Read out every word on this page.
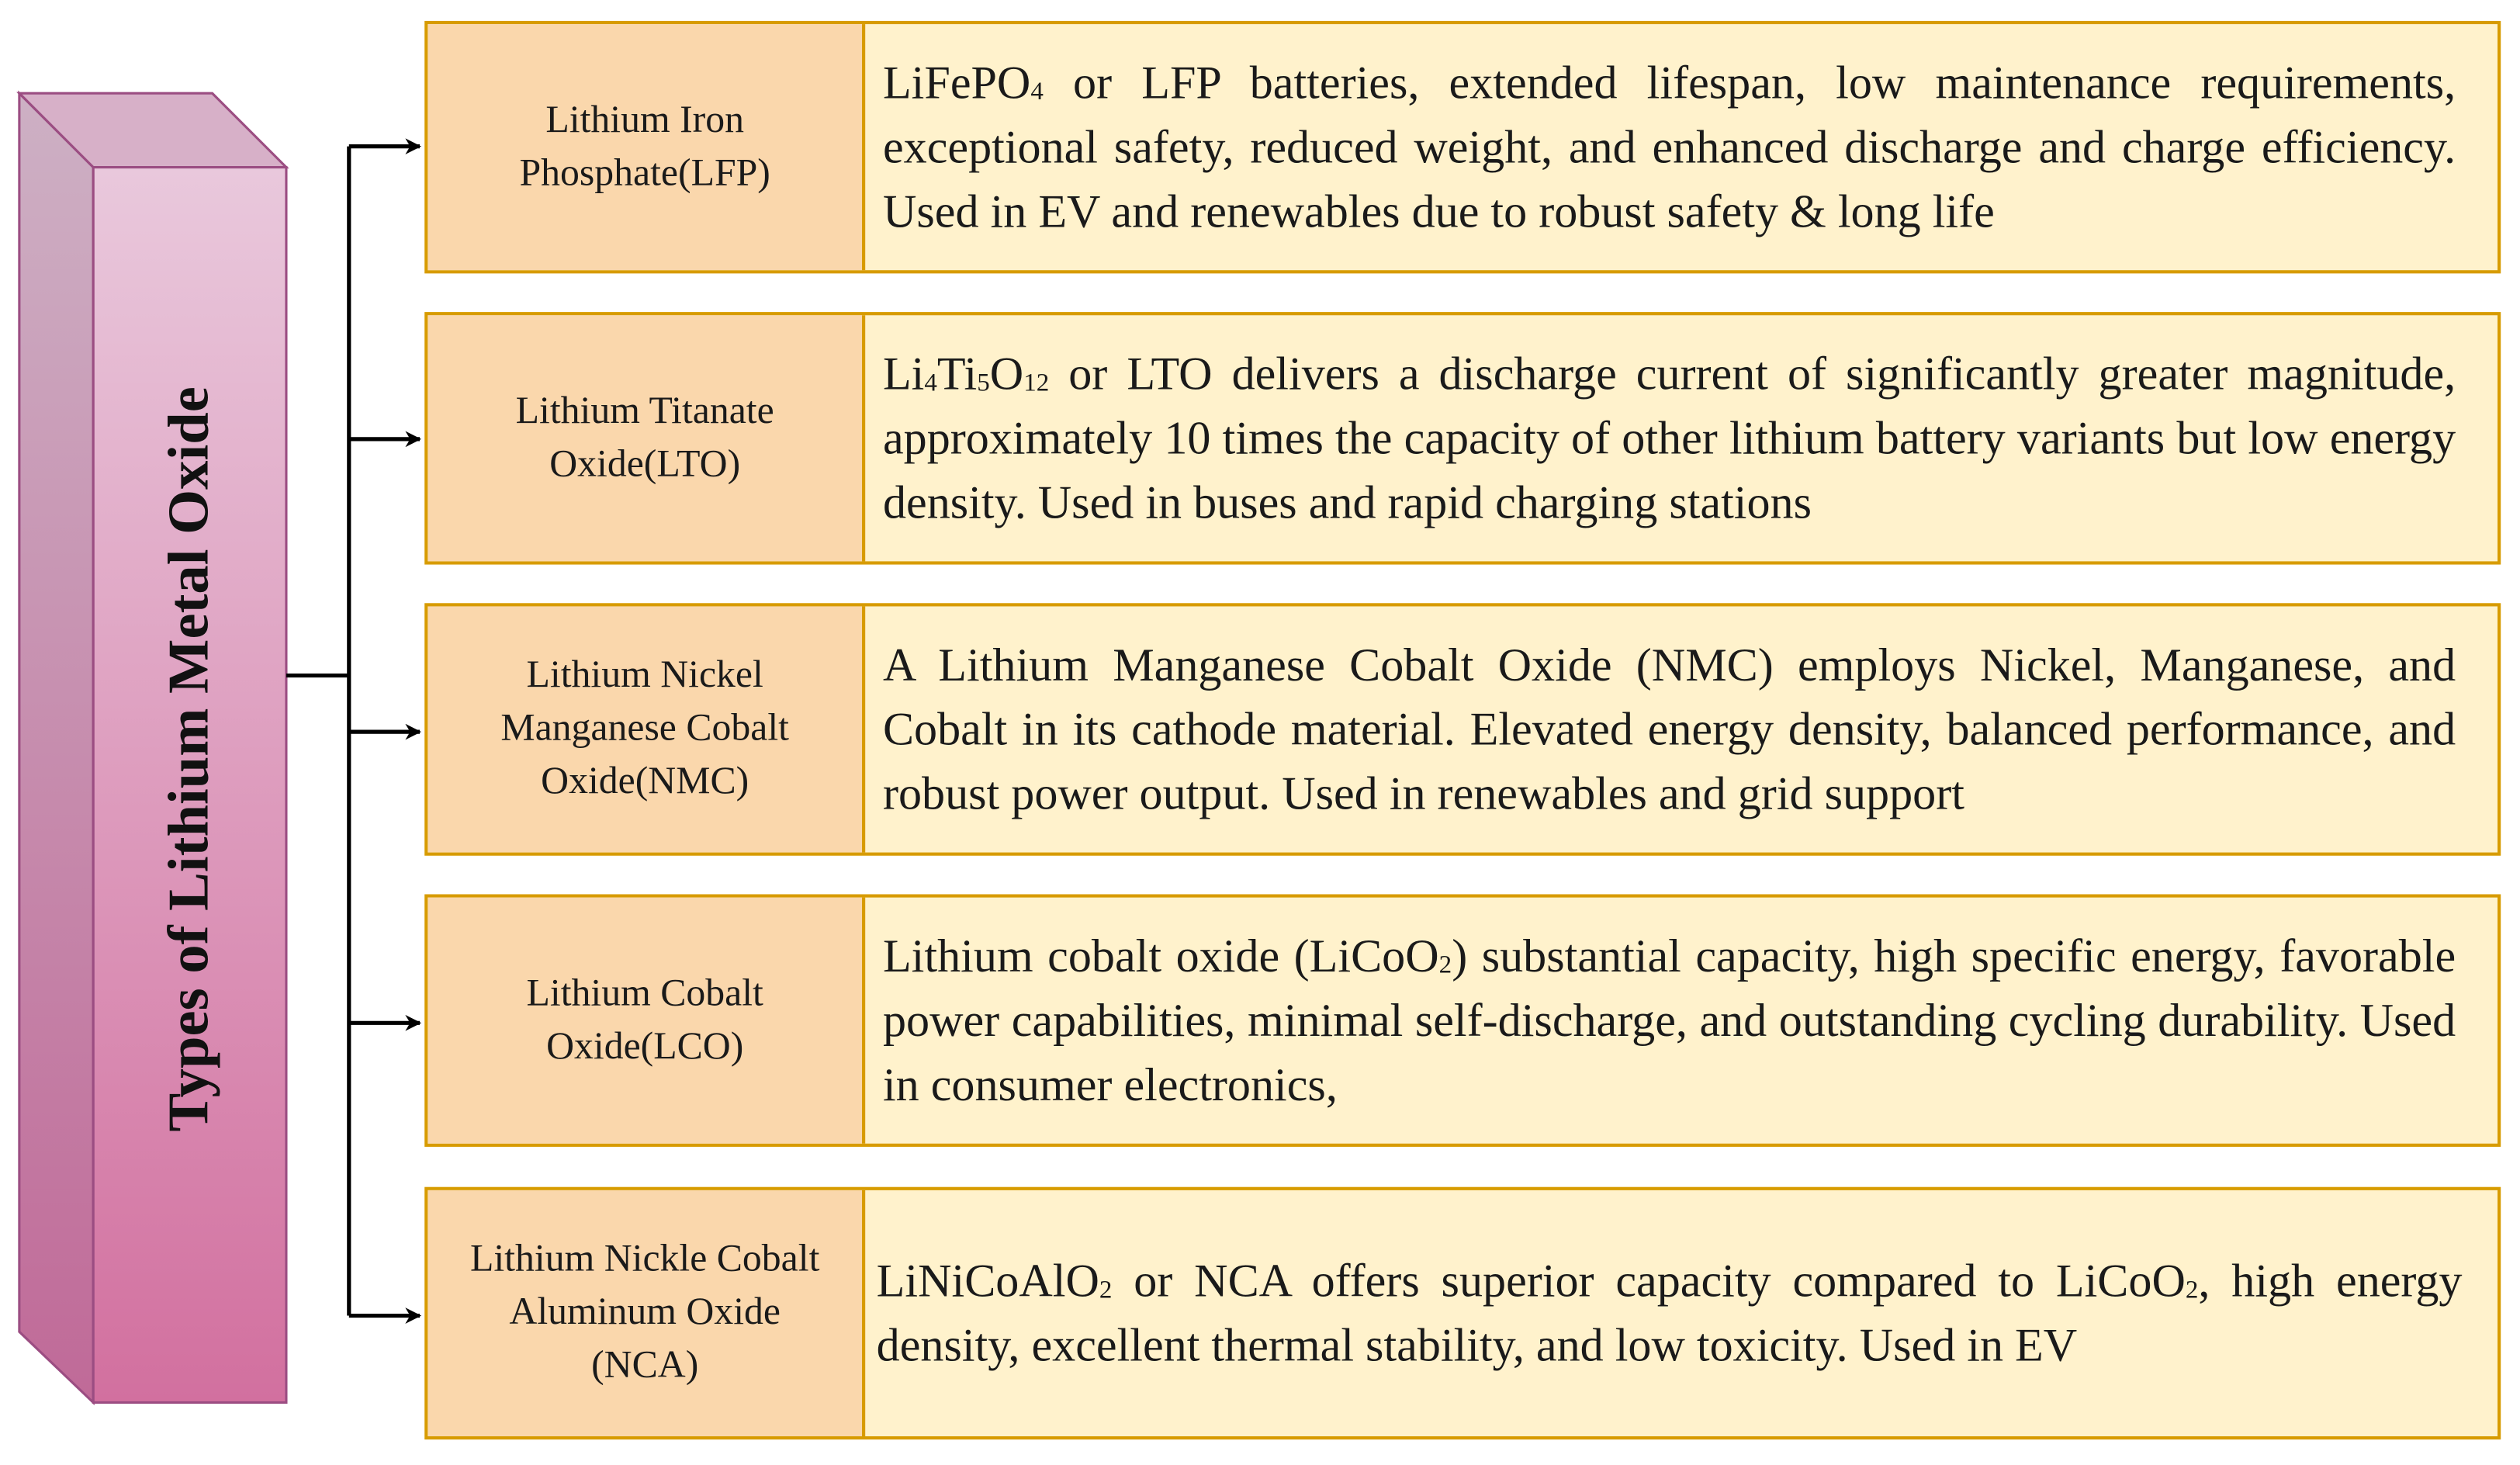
Types of Lithium Metal Oxide
Lithium Iron
Phosphate(LFP)
LiFePO$_4$ or LFP batteries, extended lifespan, low maintenance requirements, exceptional safety, reduced weight, and enhanced discharge and charge efficiency. Used in EV and renewables due to robust safety & long life
Lithium Titanate
Oxide(LTO)
$Li_4Ti_5O_{12}$ or LTO delivers a discharge current of significantly greater magnitude, approximately 10 times the capacity of other lithium battery variants but low energy density. Used in buses and rapid charging stations
Lithium Nickel
Manganese Cobalt
Oxide(NMC)
A Lithium Manganese Cobalt Oxide (NMC) employs Nickel, Manganese, and Cobalt in its cathode material. Elevated energy density, balanced performance, and robust power output. Used in renewables and grid support
Lithium Cobalt
Oxide(LCO)
Lithium cobalt oxide (LiCoO$_2$) substantial capacity, high specific energy, favorable power capabilities, minimal self-discharge, and outstanding cycling durability. Used in consumer electronics,
Lithium Nickle Cobalt
Aluminum Oxide
(NCA)
LiNiCoAlO$_2$ or NCA offers superior capacity compared to LiCoO$_2$, high energy density, excellent thermal stability, and low toxicity. Used in EV
